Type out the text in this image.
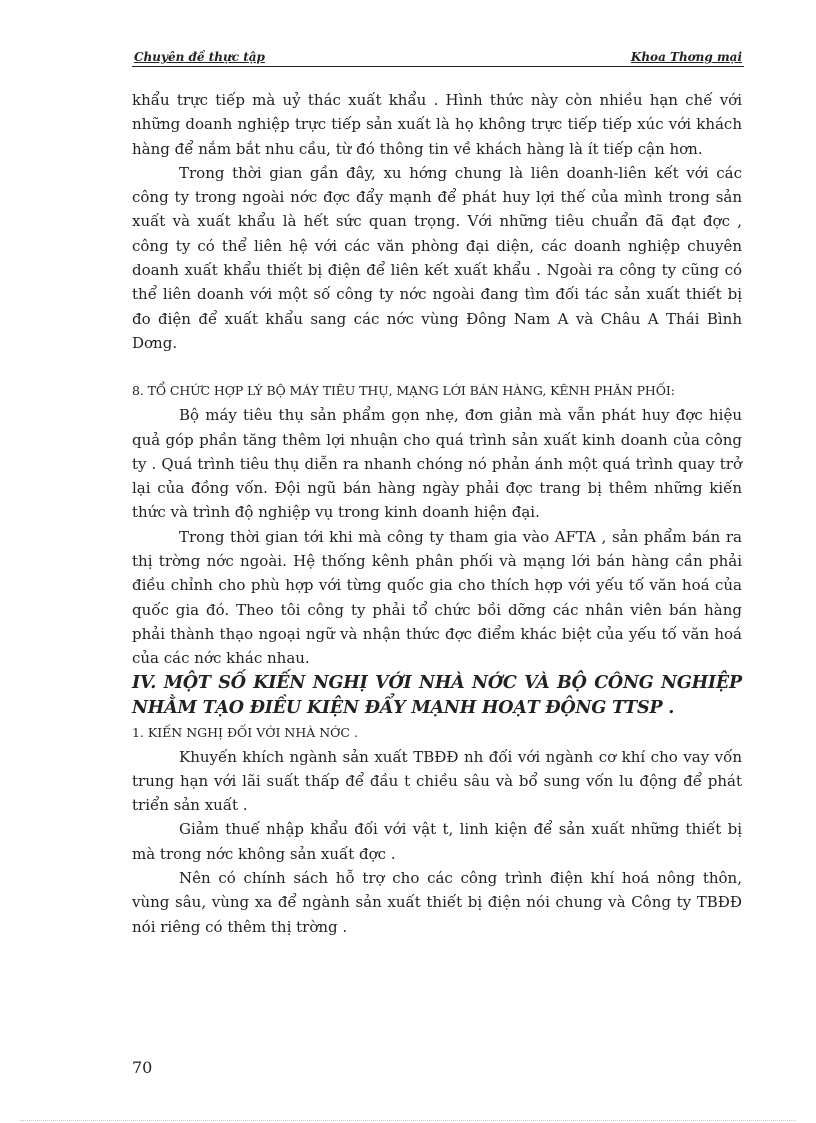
Chuyên đề thực tập	Khoa Thơng mại

khẩu trực tiếp mà uỷ thác xuất khẩu . Hình thức này còn nhiều hạn chế với những doanh nghiệp trực tiếp sản xuất là họ không trực tiếp tiếp xúc với khách hàng để nắm bắt nhu cầu, từ đó thông tin về khách hàng là ít tiếp cận hơn.

Trong thời gian gần đây, xu hớng chung là liên doanh-liên kết với các công ty trong ngoài nớc đợc đẩy mạnh để phát huy lợi thế của mình trong sản xuất và xuất khẩu là hết sức quan trọng. Với những tiêu chuẩn đã đạt đợc , công ty có thể liên hệ với các văn phòng đại diện, các doanh nghiệp chuyên doanh xuất khẩu thiết bị điện để liên kết xuất khẩu . Ngoài ra công ty cũng có thể liên doanh với một số công ty nớc ngoài đang tìm đối tác sản xuất thiết bị đo điện để xuất khẩu sang các nớc vùng Đông Nam A và Châu A Thái Bình Dơng.

8. TỔ CHỨC HỢP LÝ BỘ MÁY TIÊU THỤ, MẠNG LỚI BÁN HÀNG, KÊNH PHÂN PHỐI:

Bộ máy tiêu thụ sản phẩm gọn nhẹ, đơn giản mà vẫn phát huy đợc hiệu quả góp phần tăng thêm lợi nhuận cho quá trình sản xuất kinh doanh của công ty . Quá trình tiêu thụ diễn ra nhanh chóng nó phản ánh một quá trình quay trở lại của đồng vốn. Đội ngũ bán hàng ngày phải đợc trang bị thêm những kiến thức và trình độ nghiệp vụ trong kinh doanh hiện đại.

Trong thời gian tới khi mà công ty tham gia vào AFTA , sản phẩm bán ra thị trờng nớc ngoài. Hệ thống kênh phân phối và mạng lới bán hàng cần phải điều chỉnh cho phù hợp với từng quốc gia cho thích hợp với yếu tố văn hoá của quốc gia đó. Theo tôi công ty phải tổ chức bồi dỡng các nhân viên bán hàng phải thành thạo ngoại ngữ và nhận thức đợc điểm khác biệt của yếu tố văn hoá của các nớc khác nhau.

IV. MỘT SỐ KIẾN NGHỊ VỚI NHÀ NỚC VÀ BỘ CÔNG NGHIỆP NHẰM TẠO ĐIỀU KIỆN ĐẨY MẠNH HOẠT ĐỘNG TTSP .

1. KIẾN NGHỊ ĐỐI VỚI NHÀ NỚC .

Khuyến khích ngành sản xuất TBĐĐ nh đối với ngành cơ khí cho vay vốn trung hạn với lãi suất thấp để đầu t chiều sâu và bổ sung vốn lu động để phát triển sản xuất .

Giảm thuế nhập khẩu đối với vật t, linh kiện để sản xuất những thiết bị mà trong nớc không sản xuất đợc .

Nên có chính sách hỗ trợ cho các công trình điện khí hoá nông thôn, vùng sâu, vùng xa để ngành sản xuất thiết bị điện nói chung và Công ty TBĐĐ nói riêng có thêm thị trờng .

70
